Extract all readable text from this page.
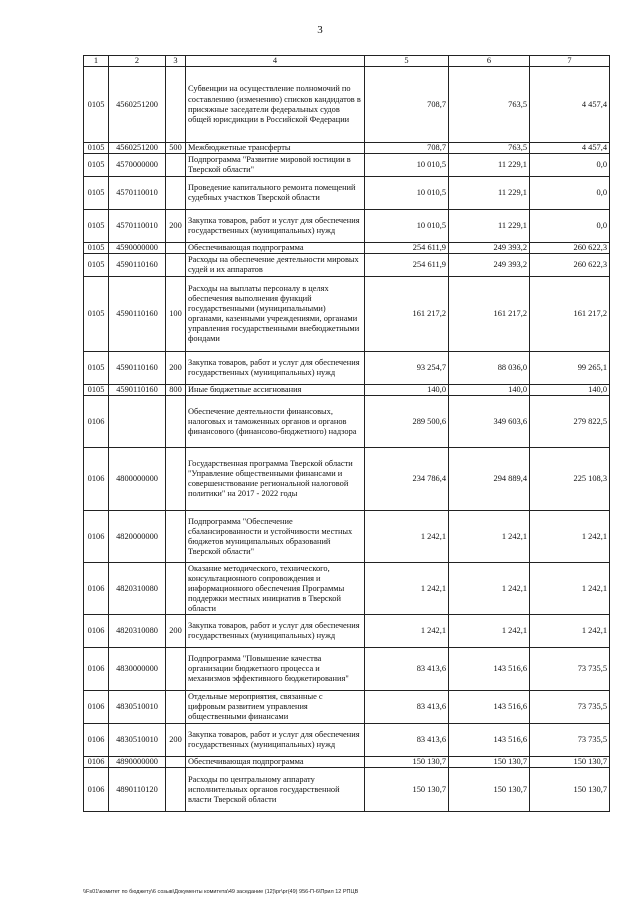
3
1	2	3	4	5	6	7
0105	4560251200		Субвенции на осуществление полномочий по составлению (изменению) списков кандидатов в присяжные заседатели федеральных судов общей юрисдикции в Российской Федерации	708,7	763,5	4 457,4
0105	4560251200	500	Межбюджетные трансферты	708,7	763,5	4 457,4
0105	4570000000		Подпрограмма "Развитие мировой юстиции в Тверской области"	10 010,5	11 229,1	0,0
0105	4570110010		Проведение капитального ремонта помещений судебных участков Тверской области	10 010,5	11 229,1	0,0
0105	4570110010	200	Закупка товаров, работ и услуг для обеспечения государственных (муниципальных) нужд	10 010,5	11 229,1	0,0
0105	4590000000		Обеспечивающая подпрограмма	254 611,9	249 393,2	260 622,3
0105	4590110160		Расходы на обеспечение деятельности мировых судей и их аппаратов	254 611,9	249 393,2	260 622,3
0105	4590110160	100	Расходы на выплаты персоналу в целях обеспечения выполнения функций государственными (муниципальными) органами, казенными учреждениями, органами управления государственными внебюджетными фондами	161 217,2	161 217,2	161 217,2
0105	4590110160	200	Закупка товаров, работ и услуг для обеспечения государственных (муниципальных) нужд	93 254,7	88 036,0	99 265,1
0105	4590110160	800	Иные бюджетные ассигнования	140,0	140,0	140,0
0106			Обеспечение деятельности финансовых, налоговых и таможенных органов и органов финансового (финансово-бюджетного) надзора	289 500,6	349 603,6	279 822,5
0106	4800000000		Государственная программа Тверской области "Управление общественными финансами и совершенствование региональной налоговой политики" на 2017 - 2022 годы	234 786,4	294 889,4	225 108,3
0106	4820000000		Подпрограмма "Обеспечение сбалансированности и устойчивости местных бюджетов муниципальных образований Тверской области"	1 242,1	1 242,1	1 242,1
0106	4820310080		Оказание методического, технического, консультационного сопровождения и информационного обеспечения Программы поддержки местных инициатив в Тверской области	1 242,1	1 242,1	1 242,1
0106	4820310080	200	Закупка товаров, работ и услуг для обеспечения государственных (муниципальных) нужд	1 242,1	1 242,1	1 242,1
0106	4830000000		Подпрограмма "Повышение качества организации бюджетного процесса и механизмов эффективного бюджетирования"	83 413,6	143 516,6	73 735,5
0106	4830510010		Отдельные мероприятия, связанные с цифровым развитием управления общественными финансами	83 413,6	143 516,6	73 735,5
0106	4830510010	200	Закупка товаров, работ и услуг для обеспечения государственных (муниципальных) нужд	83 413,6	143 516,6	73 735,5
0106	4890000000		Обеспечивающая подпрограмма	150 130,7	150 130,7	150 130,7
0106	4890110120		Расходы по центральному аппарату исполнительных органов государственной власти Тверской области	150 130,7	150 130,7	150 130,7
\\Fs01\комитет по бюджету\6 созыв\Документы комитета\49 заседание (12)\рг\рг(49) 956-П-6\Прил 12 РПЦВ
